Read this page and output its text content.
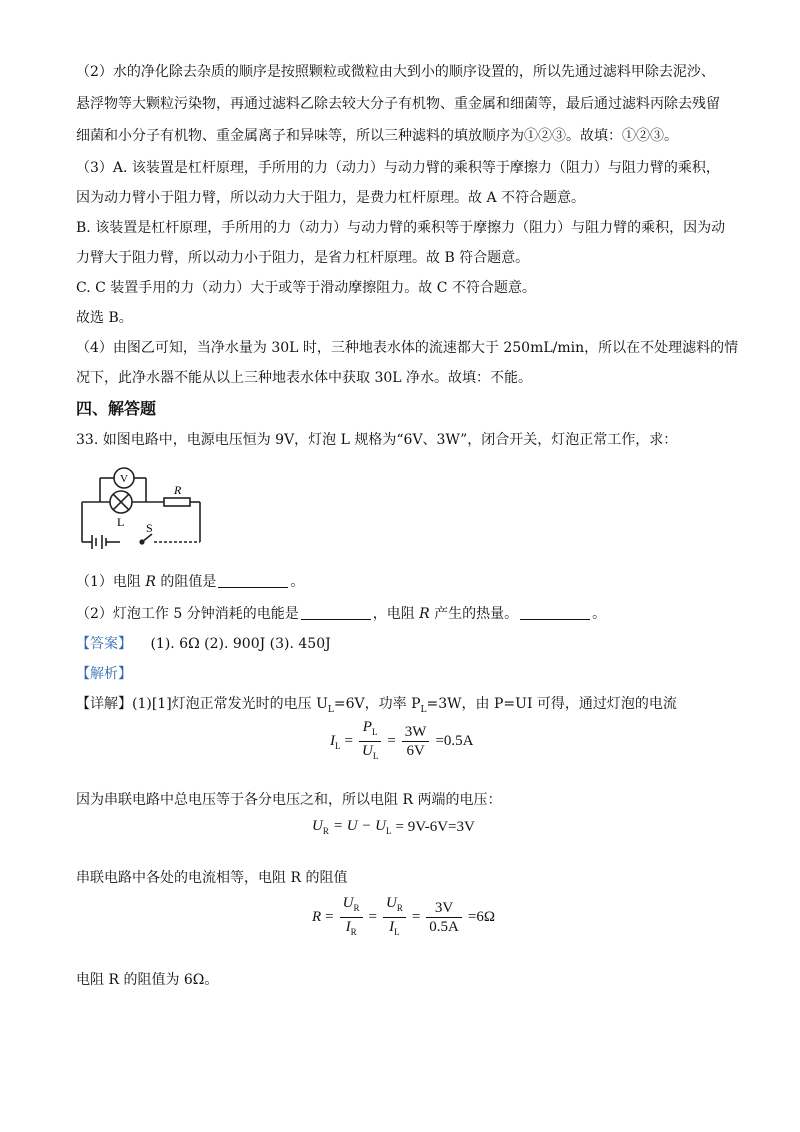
（2）水的净化除去杂质的顺序是按照颗粒或微粒由大到小的顺序设置的，所以先通过滤料甲除去泥沙、
悬浮物等大颗粒污染物，再通过滤料乙除去较大分子有机物、重金属和细菌等，最后通过滤料丙除去残留
细菌和小分子有机物、重金属离子和异味等，所以三种滤料的填放顺序为①②③。故填：①②③。
（3）A. 该装置是杠杆原理，手所用的力（动力）与动力臂的乘积等于摩擦力（阻力）与阻力臂的乘积，
因为动力臂小于阻力臂，所以动力大于阻力，是费力杠杆原理。故 A 不符合题意。
B. 该装置是杠杆原理，手所用的力（动力）与动力臂的乘积等于摩擦力（阻力）与阻力臂的乘积，因为动
力臂大于阻力臂，所以动力小于阻力，是省力杠杆原理。故 B 符合题意。
C. C 装置手用的力（动力）大于或等于滑动摩擦阻力。故 C 不符合题意。
故选 B。
（4）由图乙可知，当净水量为 30L 时，三种地表水体的流速都大于 250mL/min，所以在不处理滤料的情
况下，此净水器不能从以上三种地表水体中获取 30L 净水。故填：不能。
四、解答题
33. 如图电路中，电源电压恒为 9V，灯泡 L 规格为“6V、3W”，闭合开关，灯泡正常工作，求：
V
R
L S
（1）电阻 R 的阻值是	。
（2）灯泡工作 5 分钟消耗的电能是	，电阻 R 产生的热量。	。
【答案】 (1). 6Ω (2). 900J (3). 450J
【解析】
【详解】(1)[1]灯泡正常发光时的电压 $U_L=6V$，功率 $P_L=3W$，由 P=UI 可得，通过灯泡的电流
$I_L = \frac{P_L}{U_L} = \frac{3W}{6V} =0.5A$
因为串联电路中总电压等于各分电压之和，所以电阻 R 两端的电压：
$U_R = U - U_L = 9V-6V=3V$
串联电路中各处的电流相等，电阻 R 的阻值
$R = \frac{U_R}{I_R} = \frac{U_R}{I_L} = \frac{3V}{0.5A} =6\Omega$
电阻 R 的阻值为 6Ω。
